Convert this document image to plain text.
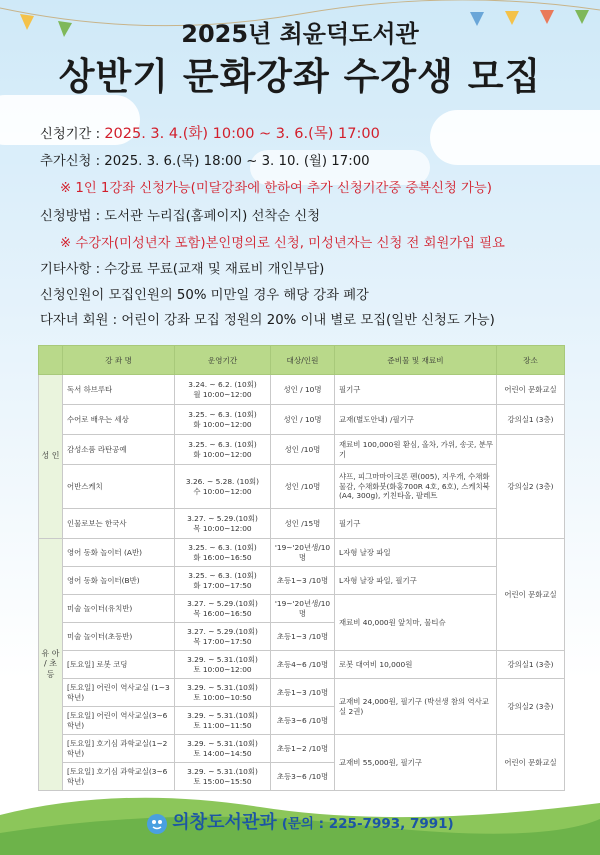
2025년 최윤덕도서관
상반기 문화강좌 수강생 모집
신청기간 : 2025. 3. 4.(화) 10:00 ~ 3. 6.(목) 17:00
추가신청 : 2025. 3. 6.(목) 18:00 ~ 3. 10. (월) 17:00
※ 1인 1강좌 신청가능(미달강좌에 한하여 추가 신청기간중 중복신청 가능)
신청방법 : 도서관 누리집(홈페이지) 선착순 신청
※ 수강자(미성년자 포함)본인명의로 신청, 미성년자는 신청 전 회원가입 필요
기타사항 : 수강료 무료(교재 및 재료비 개인부담)
신청인원이 모집인원의 50% 미만일 경우 해당 강좌 폐강
다자녀 회원 : 어린이 강좌 모집 정원의 20% 이내 별로 모집(일반 신청도 가능)
	강 좌 명	운영기간	대상/인원	준비물 및 재료비	장소
성 인	독서 하브루타	3.24. ~ 6.2. (10회)
월 10:00~12:00	성인 / 10명	필기구	어린이 문화교실
	수어로 배우는 세상	3.25. ~ 6.3. (10회)
화 10:00~12:00	성인 / 10명	교재(별도안내) /필기구	강의실1 (3층)
	감성소품 라탄공예	3.25. ~ 6.3. (10회)
화 10:00~12:00	성인 /10명	재료비 100,000원 환심, 올차, 가위, 송곳, 분무기	강의실2 (3층)
	어반스케치	3.26. ~ 5.28. (10회)
수 10:00~12:00	성인 /10명	샤프, 피그마마이크론 펜(005), 지우개, 수채화물감, 수채화붓(화홍700R 4호, 6호), 스케치북(A4, 300g), 키친타올, 팔레트	
	인물로보는 한국사	3.27. ~ 5.29.(10회)
목 10:00~12:00	성인 /15명	필기구	
유 아 / 초 등	영어 동화 놀이터 (A반)	3.25. ~ 6.3. (10회)
화 16:00~16:50	'19~'20년생/10명	L자형 날장 파일	어린이 문화교실
	영어 동화 놀이터(B반)	3.25. ~ 6.3. (10회)
화 17:00~17:50	초등1~3 /10명	L자형 날장 파일, 필기구	
	미술 놀이터(유치반)	3.27. ~ 5.29.(10회)
목 16:00~16:50	'19~'20년생/10명	재료비 40,000원 앞치마, 물티슈	
	미술 놀이터(초등반)	3.27. ~ 5.29.(10회)
목 17:00~17:50	초등1~3 /10명		
	[토요일] 로봇 코딩	3.29. ~ 5.31.(10회)
토 10:00~12:00	초등4~6 /10명	로봇 대여비 10,000원	강의실1 (3층)
	[토요일] 어린이 역사교실 (1~3학년)	3.29. ~ 5.31.(10회)
토 10:00~10:50	초등1~3 /10명	교재비 24,000원, 필기구 (박선생 참의 역사교실 2권)	강의실2 (3층)
	[토요일] 어린이 역사교실(3~6학년)	3.29. ~ 5.31.(10회)
토 11:00~11:50	초등3~6 /10명		
	[토요일] 호기심 과학교실(1~2학년)	3.29. ~ 5.31.(10회)
토 14:00~14:50	초등1~2 /10명	교재비 55,000원, 필기구	어린이 문화교실
	[토요일] 호기심 과학교실(3~6학년)	3.29. ~ 5.31.(10회)
토 15:00~15:50	초등3~6 /10명		
의창도서관과 (문의 : 225-7993, 7991)
